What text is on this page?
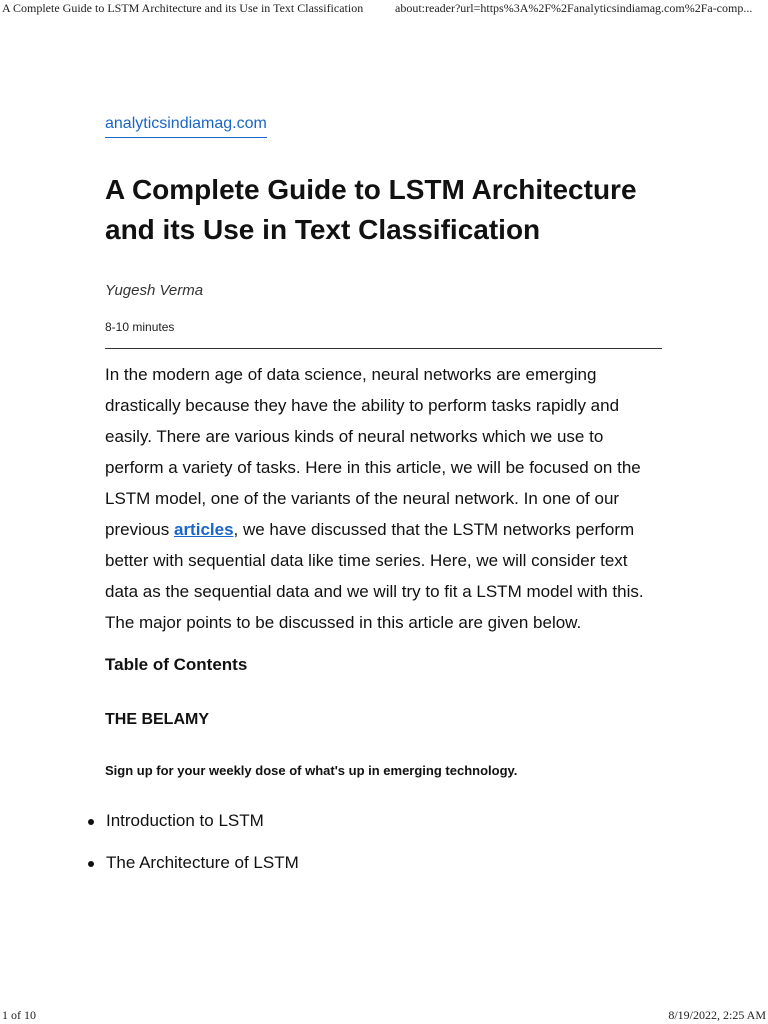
A Complete Guide to LSTM Architecture and its Use in Text Classification	about:reader?url=https%3A%2F%2Fanalyticsindiamag.com%2Fa-comp...
analyticsindiamag.com
A Complete Guide to LSTM Architecture and its Use in Text Classification
Yugesh Verma
8-10 minutes

In the modern age of data science, neural networks are emerging drastically because they have the ability to perform tasks rapidly and easily. There are various kinds of neural networks which we use to perform a variety of tasks. Here in this article, we will be focused on the LSTM model, one of the variants of the neural network. In one of our previous articles, we have discussed that the LSTM networks perform better with sequential data like time series. Here, we will consider text data as the sequential data and we will try to fit a LSTM model with this. The major points to be discussed in this article are given below.

Table of Contents
THE BELAMY
Sign up for your weekly dose of what's up in emerging technology.
Introduction to LSTM
The Architecture of LSTM
1 of 10	8/19/2022, 2:25 AM
